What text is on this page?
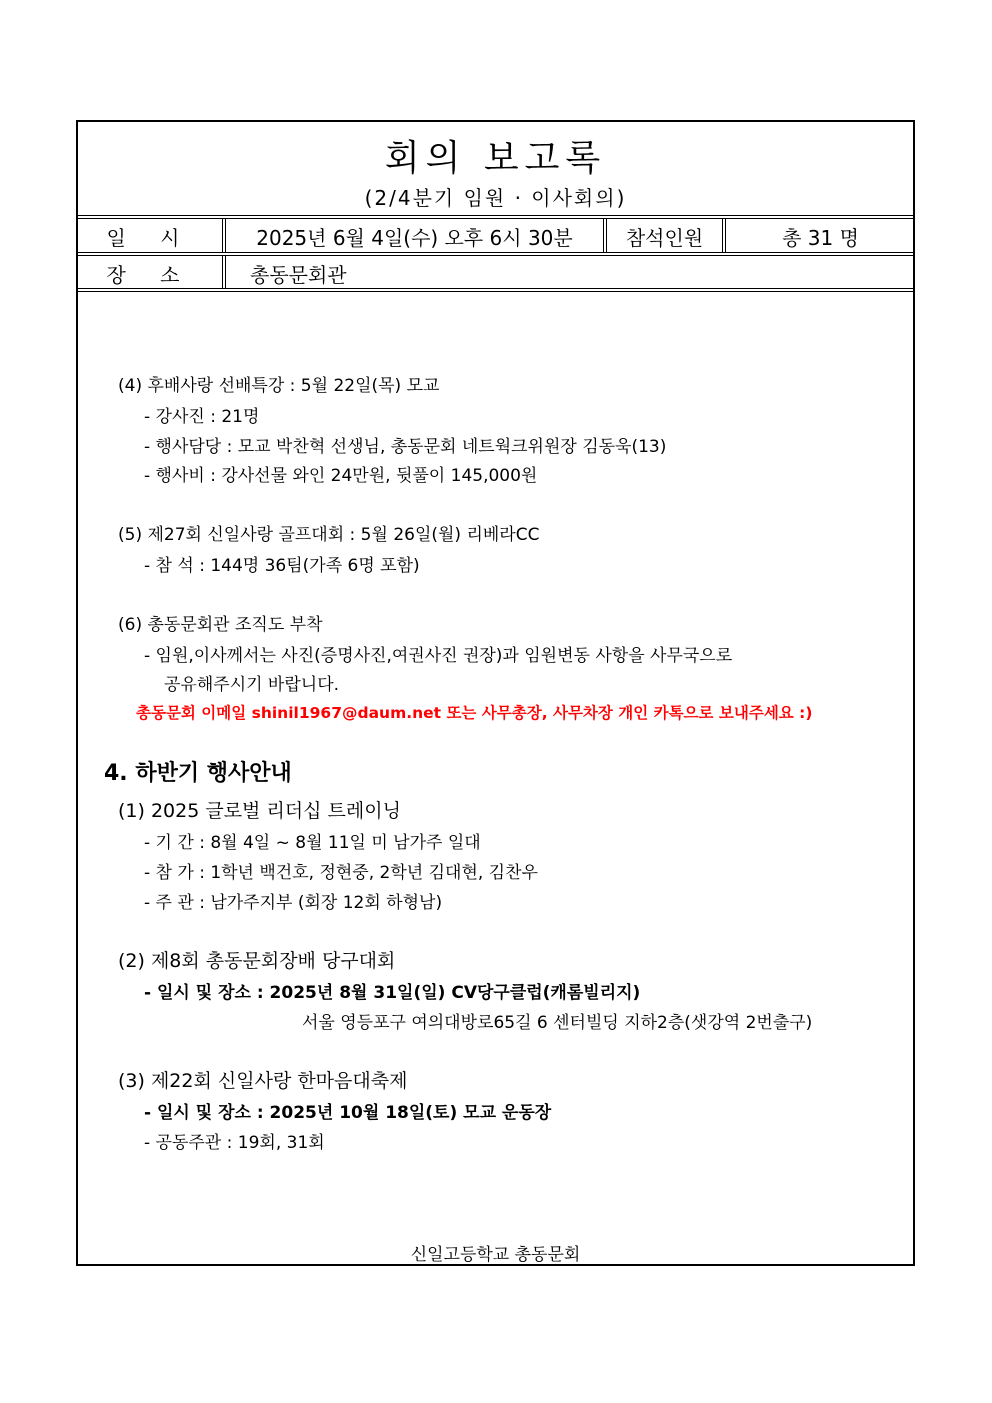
회의 보고록
(2/4분기 임원 · 이사회의)
일 시	2025년 6월 4일(수) 오후 6시 30분	참석인원	총 31 명
장 소	총동문회관
(4) 후배사랑 선배특강 : 5월 22일(목) 모교
- 강사진 : 21명
- 행사담당 : 모교 박찬혁 선생님, 총동문회 네트웍크위원장 김동욱(13)
- 행사비 : 강사선물 와인 24만원, 뒷풀이 145,000원
(5) 제27회 신일사랑 골프대회 : 5월 26일(월) 리베라CC
- 참 석 : 144명 36팀(가족 6명 포함)
(6) 총동문회관 조직도 부착
- 임원,이사께서는 사진(증명사진,여권사진 권장)과 임원변동 사항을 사무국으로
공유해주시기 바랍니다.
총동문회 이메일 shinil1967@daum.net 또는 사무총장, 사무차장 개인 카톡으로 보내주세요 :)
4. 하반기 행사안내
(1) 2025 글로벌 리더십 트레이닝
- 기 간 : 8월 4일 ~ 8월 11일 미 남가주 일대
- 참 가 : 1학년 백건호, 정현중, 2학년 김대현, 김찬우
- 주 관 : 남가주지부 (회장 12회 하형남)
(2) 제8회 총동문회장배 당구대회
- 일시 및 장소 : 2025년 8월 31일(일) CV당구클럽(캐롬빌리지)
서울 영등포구 여의대방로65길 6 센터빌딩 지하2층(샛강역 2번출구)
(3) 제22회 신일사랑 한마음대축제
- 일시 및 장소 : 2025년 10월 18일(토) 모교 운동장
- 공동주관 : 19회, 31회
신일고등학교 총동문회
